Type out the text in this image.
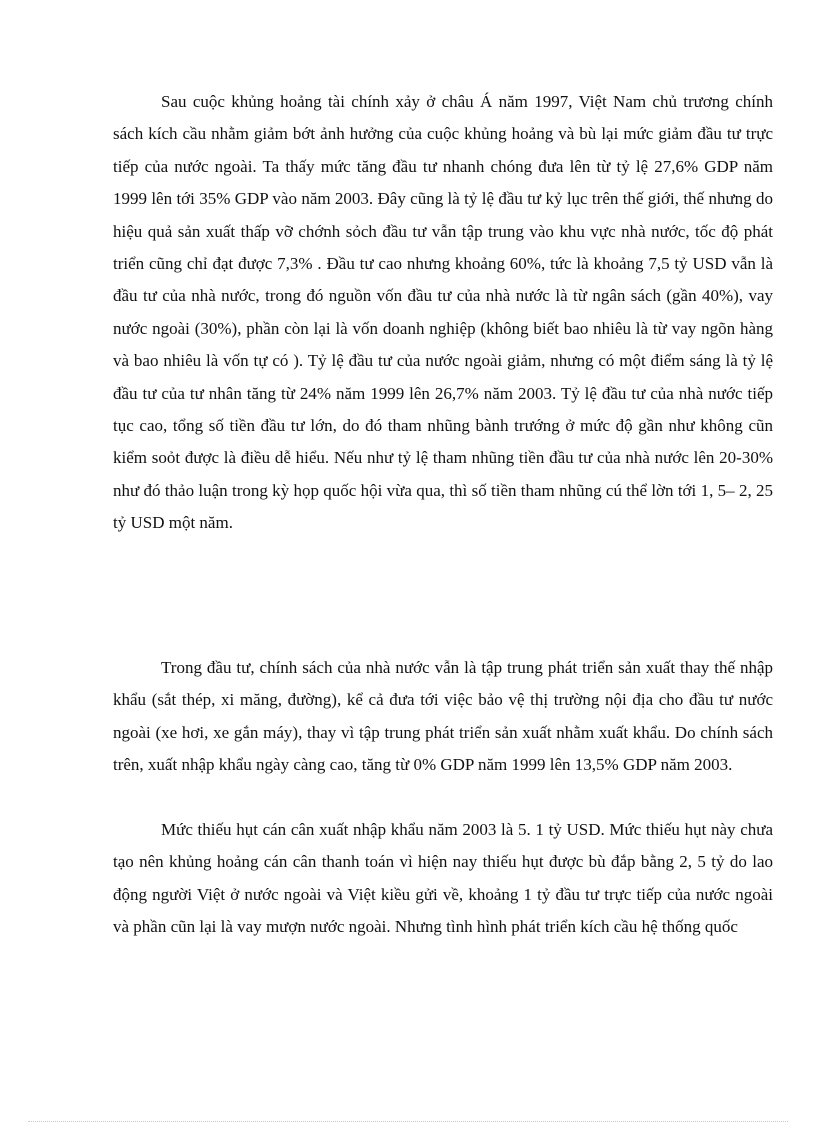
Sau cuộc khủng hoảng tài chính xảy ở châu Á năm 1997, Việt Nam chủ trương chính sách kích cầu nhằm giảm bớt ảnh hưởng của cuộc khủng hoảng và bù lại mức giảm đầu tư trực tiếp của nước ngoài. Ta thấy mức tăng đầu tư nhanh chóng đưa lên từ tỷ lệ 27,6% GDP năm 1999 lên tới 35% GDP vào năm 2003. Đây cũng là tỷ lệ đầu tư kỷ lục trên thế giới, thế nhưng do hiệu quả sản xuất thấp vỡ chớnh sỏch đầu tư vẫn tập trung vào khu vực nhà nước, tốc độ phát triển cũng chỉ đạt được 7,3% . Đầu tư cao nhưng khoảng 60%, tức là khoảng 7,5 tỷ USD vẫn là đầu tư của nhà nước, trong đó nguồn vốn đầu tư của nhà nước là từ ngân sách (gần 40%), vay nước ngoài (30%), phần còn lại là vốn doanh nghiệp (không biết bao nhiêu là từ vay ngõn hàng và bao nhiêu là vốn tự có ). Tỷ lệ đầu tư của nước ngoài giảm, nhưng có một điểm sáng là tỷ lệ đầu tư của tư nhân tăng từ 24% năm 1999 lên 26,7% năm 2003. Tỷ lệ đầu tư của nhà nước tiếp tục cao, tổng số tiền đầu tư lớn, do đó tham nhũng bành trướng ở mức độ gần như không cũn kiểm soỏt được là điều dễ hiểu. Nếu như tỷ lệ tham nhũng tiền đầu tư của nhà nước lên 20-30% như đó thảo luận trong kỳ họp quốc hội vừa qua, thì số tiền tham nhũng cú thể lờn tới 1, 5– 2, 25 tỷ USD một năm.

Trong đầu tư, chính sách của nhà nước vẫn là tập trung phát triển sản xuất thay thế nhập khẩu (sắt thép, xi măng, đường), kể cả đưa tới việc bảo vệ thị trường nội địa cho đầu tư nước ngoài (xe hơi, xe gắn máy), thay vì tập trung phát triển sản xuất nhằm xuất khẩu. Do chính sách trên, xuất nhập khẩu ngày càng cao, tăng từ 0% GDP năm 1999 lên 13,5% GDP năm 2003.

Mức thiếu hụt cán cân xuất nhập khẩu năm 2003 là 5. 1 tỷ USD. Mức thiếu hụt này chưa tạo nên khủng hoảng cán cân thanh toán vì hiện nay thiếu hụt được bù đắp bằng 2, 5 tỷ do lao động người Việt ở nước ngoài và Việt kiều gửi về, khoảng 1 tỷ đầu tư trực tiếp của nước ngoài và phần cũn lại là vay mượn nước ngoài. Nhưng tình hình phát triển kích cầu hệ thống quốc
